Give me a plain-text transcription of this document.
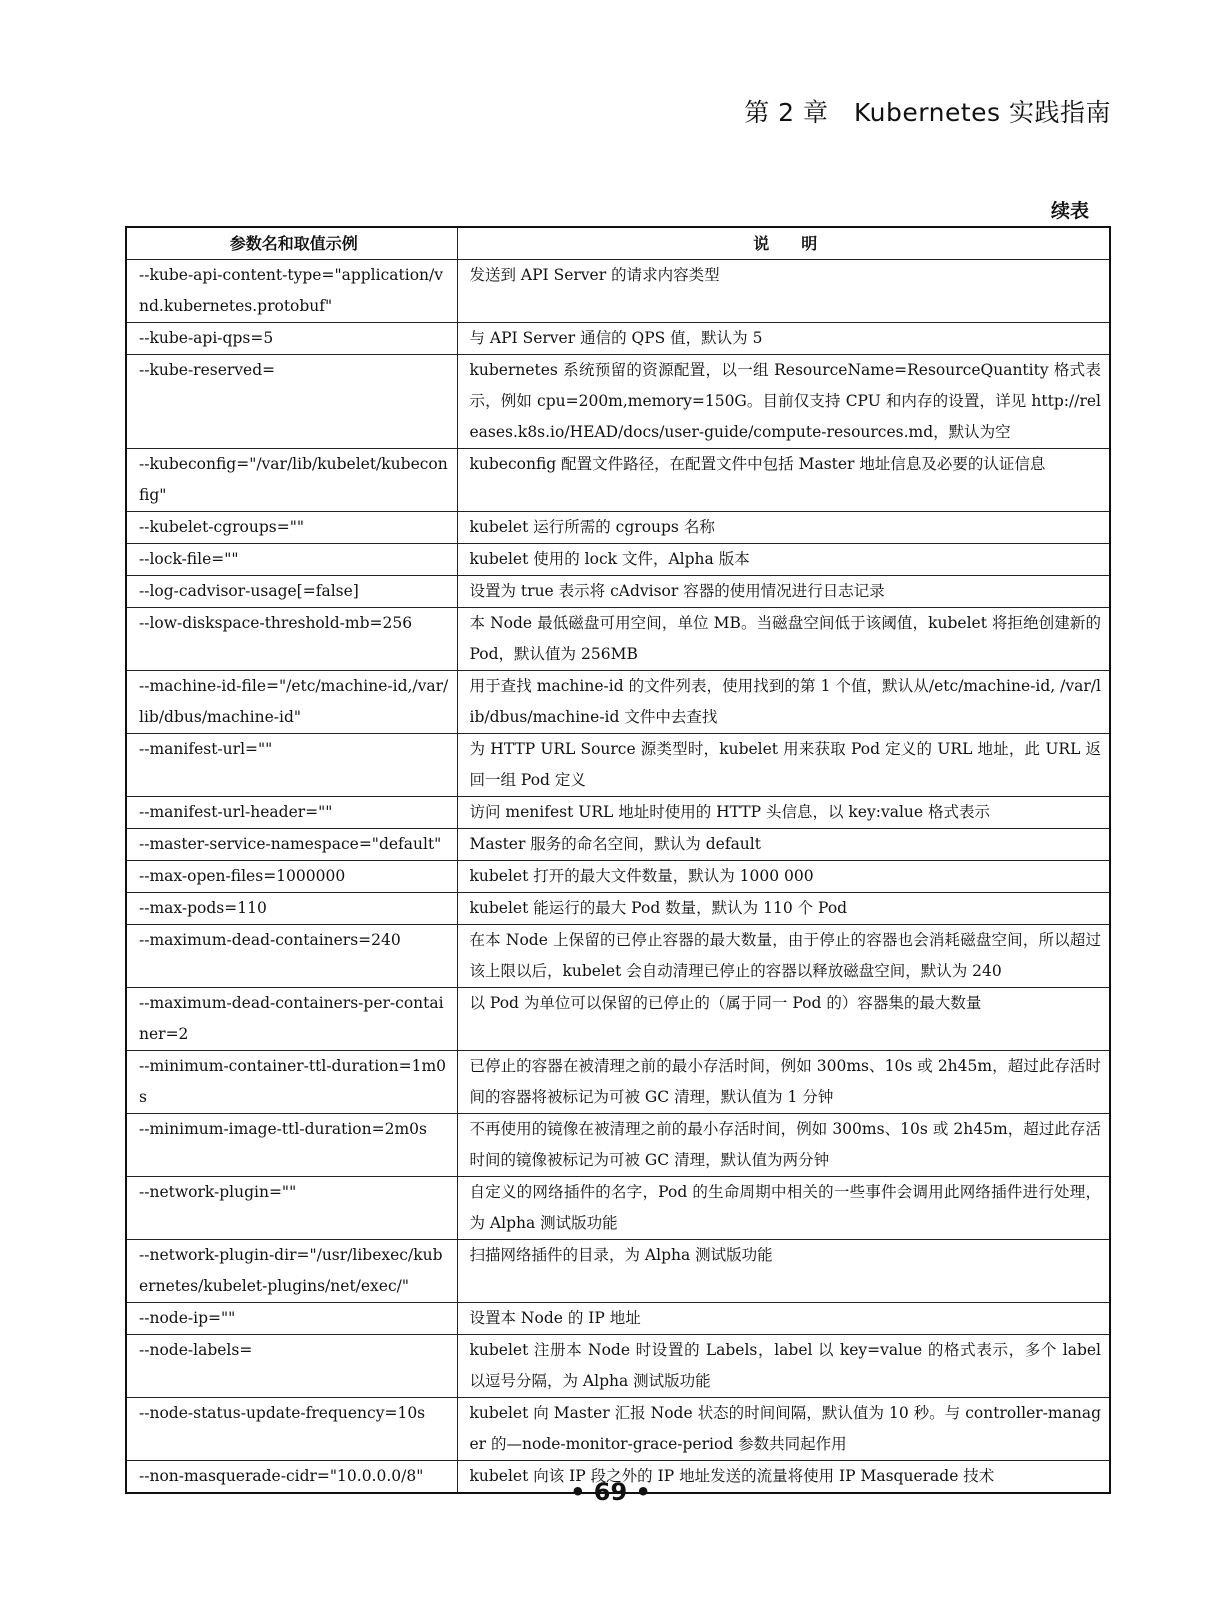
第 2 章　Kubernetes 实践指南
续表
参数名和取值示例	说　　明
--kube-api-content-type="application/vnd.kubernetes.protobuf"	发送到 API Server 的请求内容类型
--kube-api-qps=5	与 API Server 通信的 QPS 值，默认为 5
--kube-reserved=	kubernetes 系统预留的资源配置，以一组 ResourceName=ResourceQuantity 格式表示，例如 cpu=200m,memory=150G。目前仅支持 CPU 和内存的设置，详见 http://releases.k8s.io/HEAD/docs/user-guide/compute-resources.md，默认为空
--kubeconfig="/var/lib/kubelet/kubeconfig"	kubeconfig 配置文件路径，在配置文件中包括 Master 地址信息及必要的认证信息
--kubelet-cgroups=""	kubelet 运行所需的 cgroups 名称
--lock-file=""	kubelet 使用的 lock 文件，Alpha 版本
--log-cadvisor-usage[=false]	设置为 true 表示将 cAdvisor 容器的使用情况进行日志记录
--low-diskspace-threshold-mb=256	本 Node 最低磁盘可用空间，单位 MB。当磁盘空间低于该阈值，kubelet 将拒绝创建新的 Pod，默认值为 256MB
--machine-id-file="/etc/machine-id,/var/lib/dbus/machine-id"	用于查找 machine-id 的文件列表，使用找到的第 1 个值，默认从/etc/machine-id, /var/lib/dbus/machine-id 文件中去查找
--manifest-url=""	为 HTTP URL Source 源类型时，kubelet 用来获取 Pod 定义的 URL 地址，此 URL 返回一组 Pod 定义
--manifest-url-header=""	访问 menifest URL 地址时使用的 HTTP 头信息，以 key:value 格式表示
--master-service-namespace="default"	Master 服务的命名空间，默认为 default
--max-open-files=1000000	kubelet 打开的最大文件数量，默认为 1000 000
--max-pods=110	kubelet 能运行的最大 Pod 数量，默认为 110 个 Pod
--maximum-dead-containers=240	在本 Node 上保留的已停止容器的最大数量，由于停止的容器也会消耗磁盘空间，所以超过该上限以后，kubelet 会自动清理已停止的容器以释放磁盘空间，默认为 240
--maximum-dead-containers-per-container=2	以 Pod 为单位可以保留的已停止的（属于同一 Pod 的）容器集的最大数量
--minimum-container-ttl-duration=1m0s	已停止的容器在被清理之前的最小存活时间，例如 300ms、10s 或 2h45m，超过此存活时间的容器将被标记为可被 GC 清理，默认值为 1 分钟
--minimum-image-ttl-duration=2m0s	不再使用的镜像在被清理之前的最小存活时间，例如 300ms、10s 或 2h45m，超过此存活时间的镜像被标记为可被 GC 清理，默认值为两分钟
--network-plugin=""	自定义的网络插件的名字，Pod 的生命周期中相关的一些事件会调用此网络插件进行处理，为 Alpha 测试版功能
--network-plugin-dir="/usr/libexec/kubernetes/kubelet-plugins/net/exec/"	扫描网络插件的目录，为 Alpha 测试版功能
--node-ip=""	设置本 Node 的 IP 地址
--node-labels=	kubelet 注册本 Node 时设置的 Labels，label 以 key=value 的格式表示，多个 label 以逗号分隔，为 Alpha 测试版功能
--node-status-update-frequency=10s	kubelet 向 Master 汇报 Node 状态的时间间隔，默认值为 10 秒。与 controller-manager 的—node-monitor-grace-period 参数共同起作用
--non-masquerade-cidr="10.0.0.0/8"	kubelet 向该 IP 段之外的 IP 地址发送的流量将使用 IP Masquerade 技术
• 69 •
